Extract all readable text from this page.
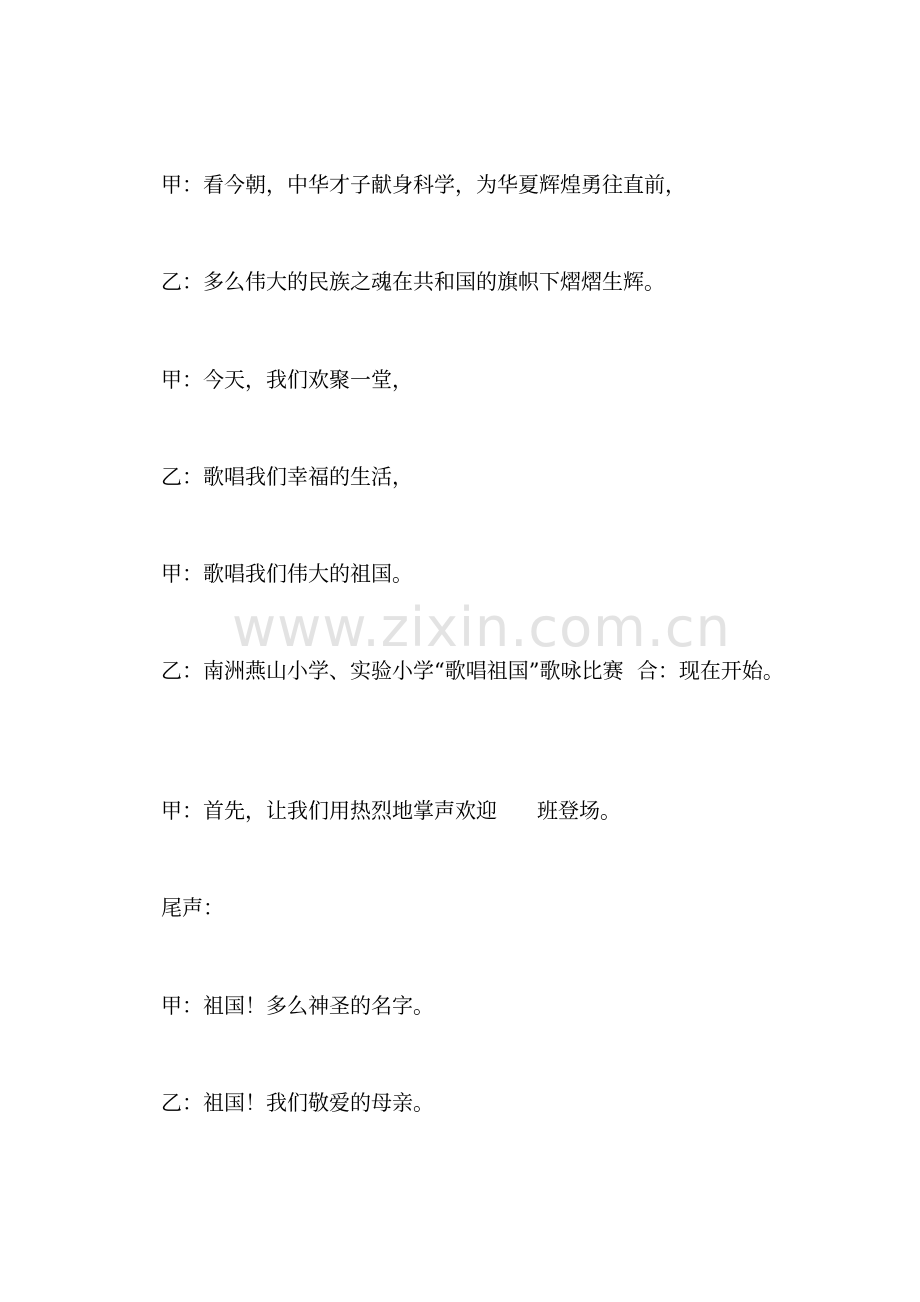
甲：看今朝，中华才子献身科学，为华夏辉煌勇往直前，

乙：多么伟大的民族之魂在共和国的旗帜下熠熠生辉。

甲：今天，我们欢聚一堂，

乙：歌唱我们幸福的生活，

甲：歌唱我们伟大的祖国。

乙：南洲燕山小学、实验小学“歌唱祖国”歌咏比赛  合：现在开始。

甲：首先，让我们用热烈地掌声欢迎      班登场。

尾声：

甲：祖国！多么神圣的名字。

乙：祖国！我们敬爱的母亲。

www.zixin.com.cn
